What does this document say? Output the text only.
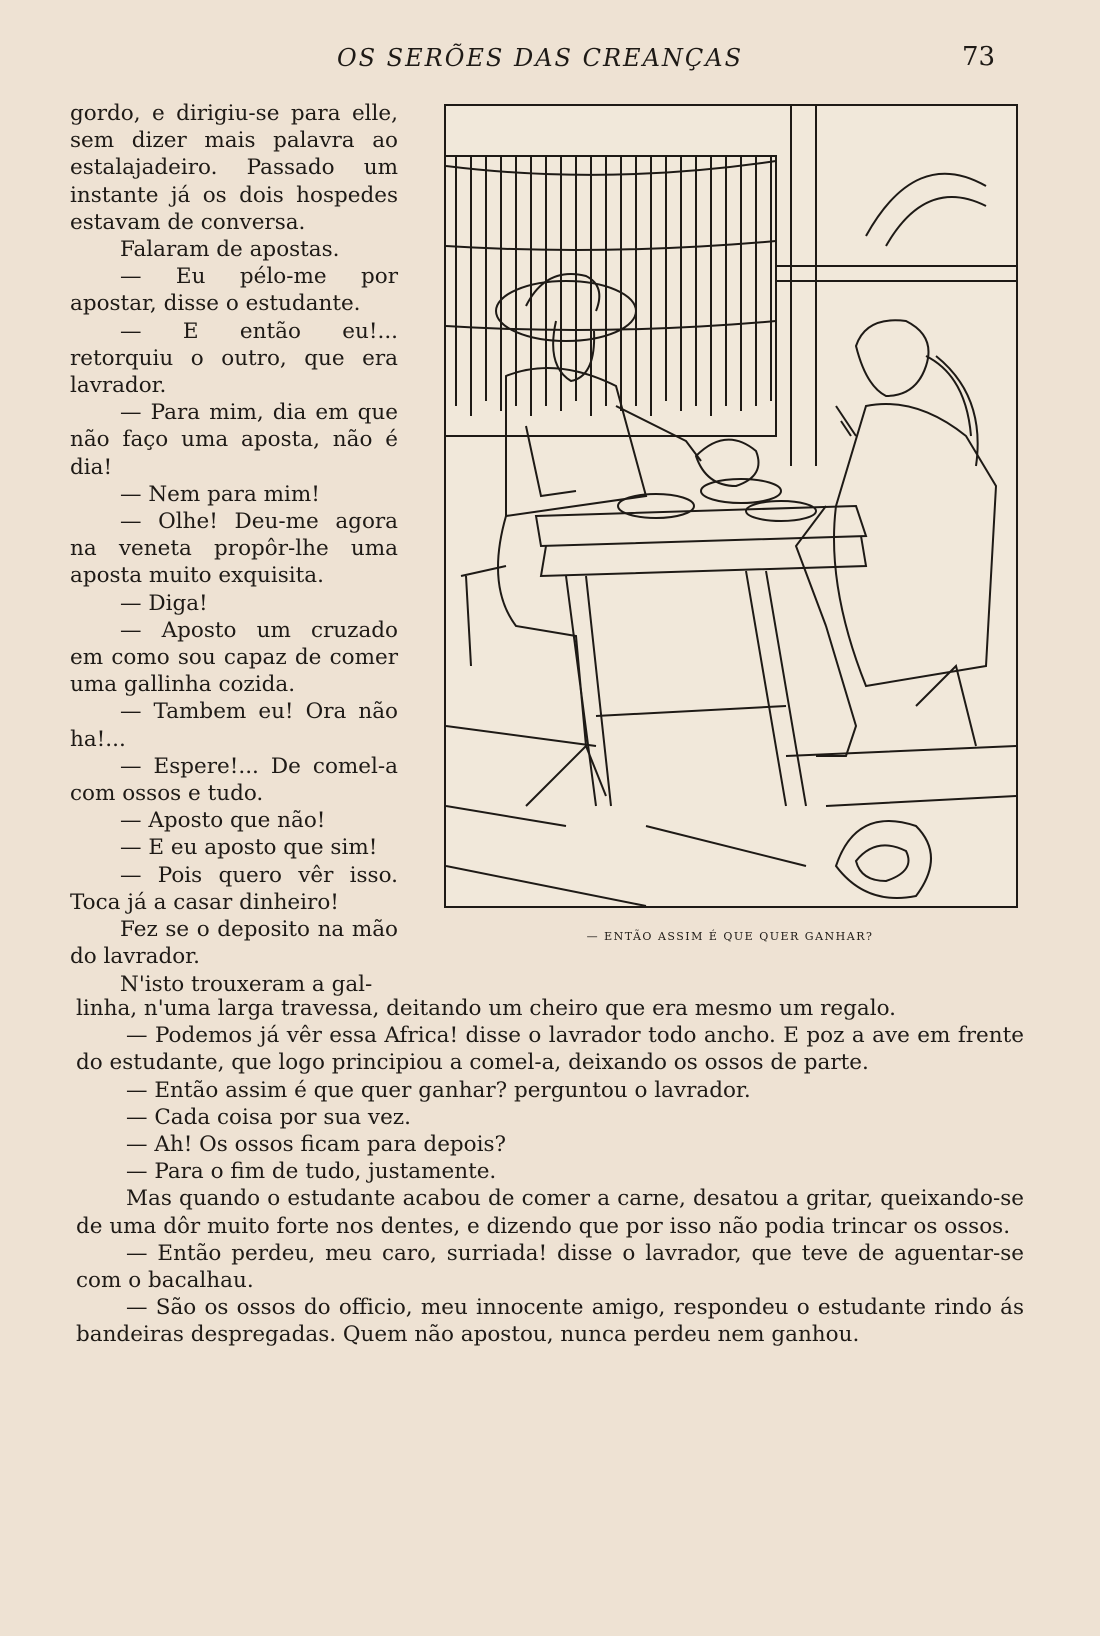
OS SERÕES DAS CREANÇAS	73

gordo, e dirigiu-se para elle, sem dizer mais palavra ao estalajadeiro. Passado um instante já os dois hospedes estavam de conversa.

Falaram de apostas.

— Eu pélo-me por apostar, disse o estudante.

— E então eu!... retorquiu o outro, que era lavrador.

— Para mim, dia em que não faço uma aposta, não é dia!

— Nem para mim!

— Olhe! Deu-me agora na veneta propôr-lhe uma aposta muito exquisita.

— Diga!

— Aposto um cruzado em como sou capaz de comer uma gallinha cozida.

— Tambem eu! Ora não ha!...

— Espere!... De comel-a com ossos e tudo.

— Aposto que não!

— E eu aposto que sim!

— Pois quero vêr isso. Toca já a casar dinheiro!

Fez se o deposito na mão do lavrador.

N'isto trouxeram a gal-

— ENTÃO ASSIM É QUE QUER GANHAR?

linha, n'uma larga travessa, deitando um cheiro que era mesmo um regalo.

— Podemos já vêr essa Africa! disse o lavrador todo ancho. E poz a ave em frente do estudante, que logo principiou a comel-a, deixando os ossos de parte.

— Então assim é que quer ganhar? perguntou o lavrador.

— Cada coisa por sua vez.

— Ah! Os ossos ficam para depois?

— Para o fim de tudo, justamente.

Mas quando o estudante acabou de comer a carne, desatou a gritar, queixando-se de uma dôr muito forte nos dentes, e dizendo que por isso não podia trincar os ossos.

— Então perdeu, meu caro, surriada! disse o lavrador, que teve de aguentar-se com o bacalhau.

— São os ossos do officio, meu innocente amigo, respondeu o estudante rindo ás bandeiras despregadas. Quem não apostou, nunca perdeu nem ganhou.
